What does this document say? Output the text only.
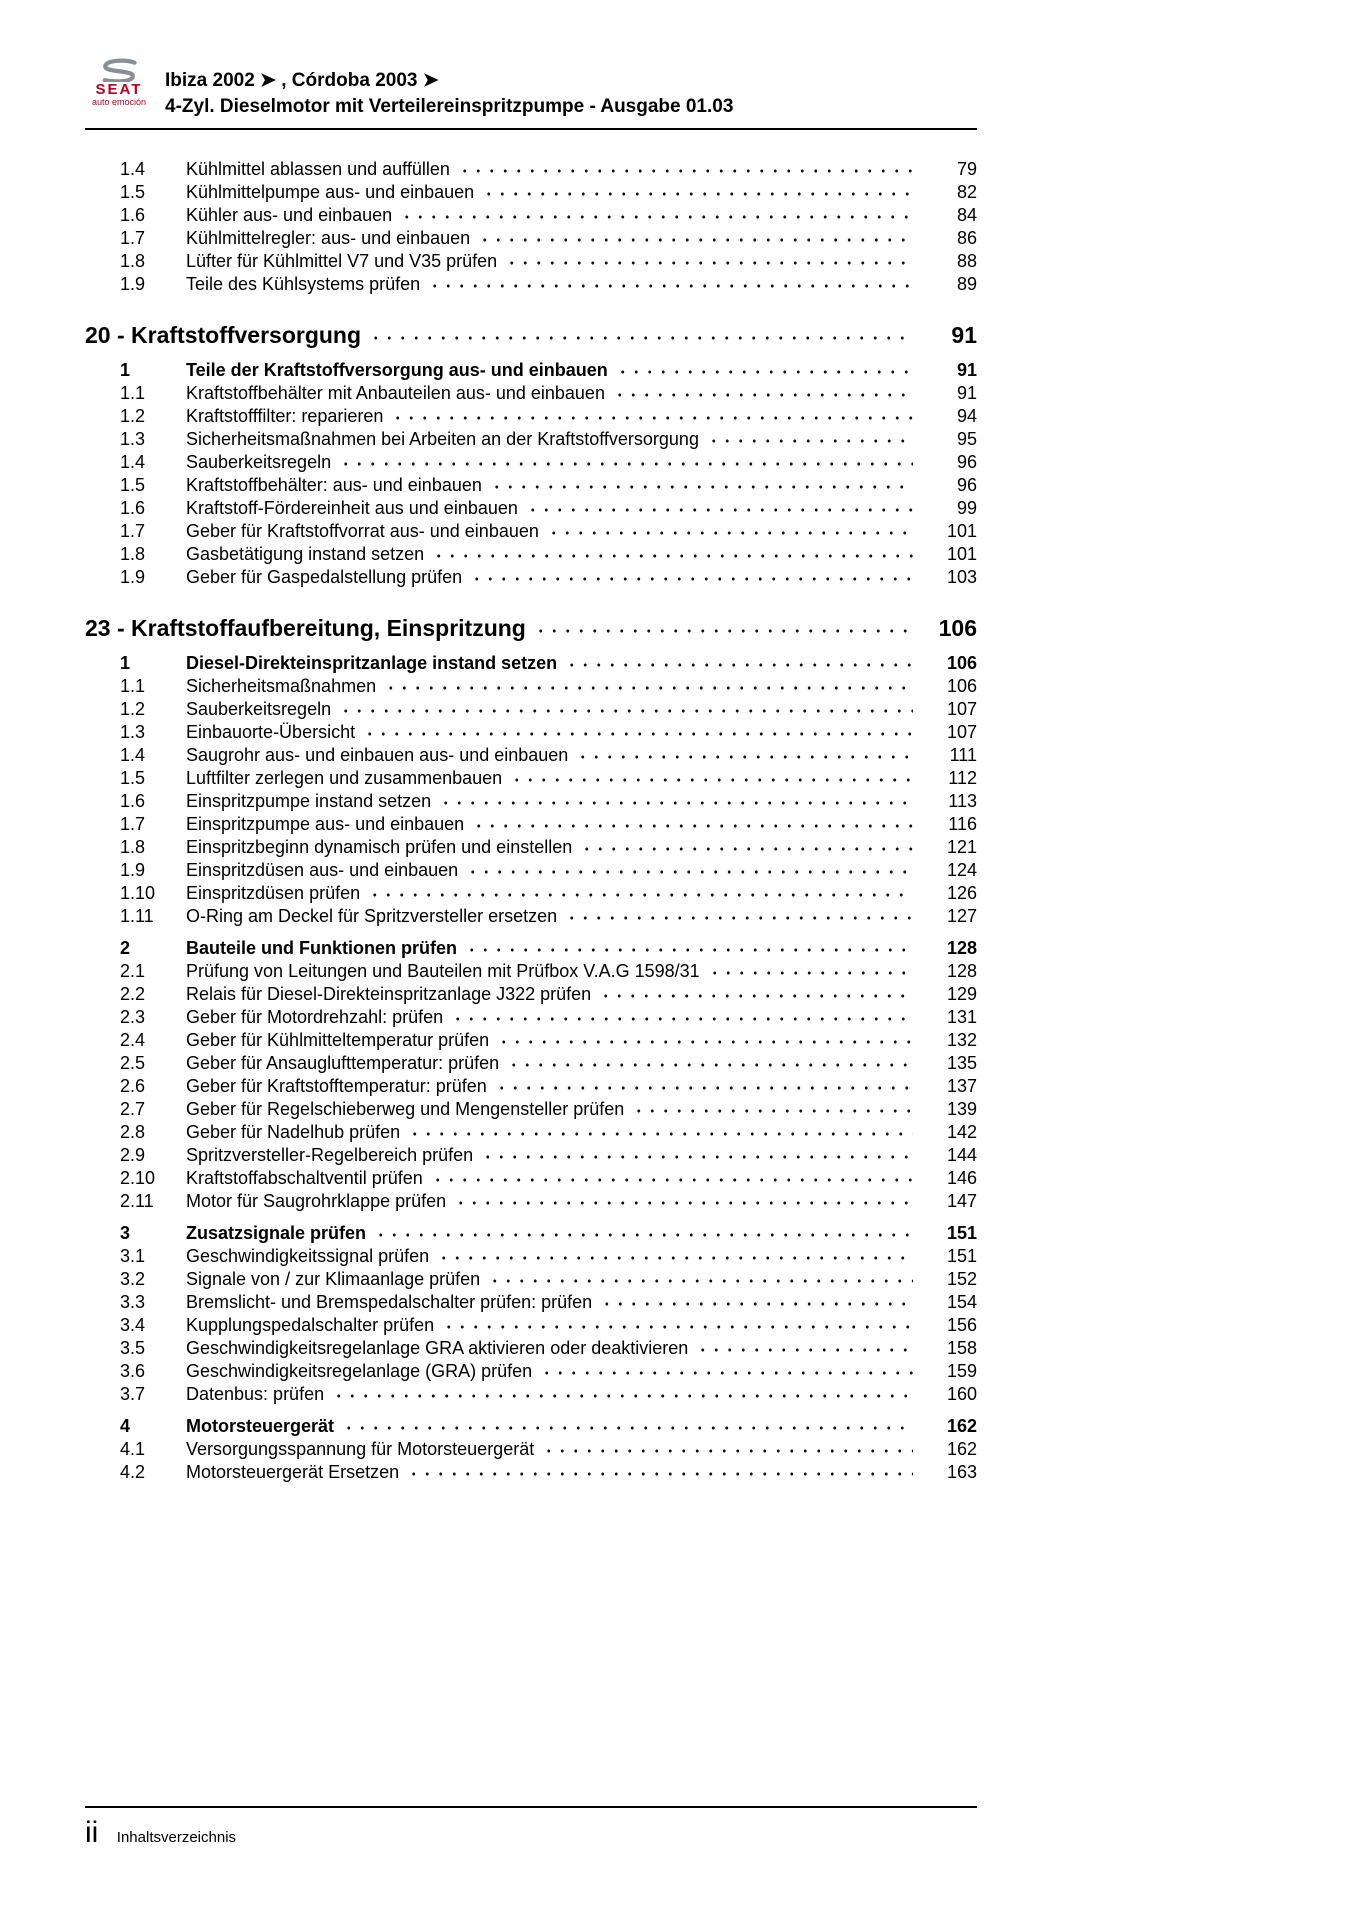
SEAT
auto emoción
Ibiza 2002 ➤ , Córdoba 2003 ➤
4-Zyl. Dieselmotor mit Verteilereinspritzpumpe - Ausgabe 01.03
1.4	Kühlmittel ablassen und auffüllen	79
1.5	Kühlmittelpumpe aus- und einbauen	82
1.6	Kühler aus- und einbauen	84
1.7	Kühlmittelregler: aus- und einbauen	86
1.8	Lüfter für Kühlmittel V7 und V35 prüfen	88
1.9	Teile des Kühlsystems prüfen	89
20 - Kraftstoffversorgung	91
1	Teile der Kraftstoffversorgung aus- und einbauen	91
1.1	Kraftstoffbehälter mit Anbauteilen aus- und einbauen	91
1.2	Kraftstofffilter: reparieren	94
1.3	Sicherheitsmaßnahmen bei Arbeiten an der Kraftstoffversorgung	95
1.4	Sauberkeitsregeln	96
1.5	Kraftstoffbehälter: aus- und einbauen	96
1.6	Kraftstoff-Fördereinheit aus und einbauen	99
1.7	Geber für Kraftstoffvorrat aus- und einbauen	101
1.8	Gasbetätigung instand setzen	101
1.9	Geber für Gaspedalstellung prüfen	103
23 - Kraftstoffaufbereitung, Einspritzung	106
1	Diesel-Direkteinspritzanlage instand setzen	106
1.1	Sicherheitsmaßnahmen	106
1.2	Sauberkeitsregeln	107
1.3	Einbauorte-Übersicht	107
1.4	Saugrohr aus- und einbauen aus- und einbauen	111
1.5	Luftfilter zerlegen und zusammenbauen	112
1.6	Einspritzpumpe instand setzen	113
1.7	Einspritzpumpe aus- und einbauen	116
1.8	Einspritzbeginn dynamisch prüfen und einstellen	121
1.9	Einspritzdüsen aus- und einbauen	124
1.10	Einspritzdüsen prüfen	126
1.11	O-Ring am Deckel für Spritzversteller ersetzen	127
2	Bauteile und Funktionen prüfen	128
2.1	Prüfung von Leitungen und Bauteilen mit Prüfbox V.A.G 1598/31	128
2.2	Relais für Diesel-Direkteinspritzanlage J322 prüfen	129
2.3	Geber für Motordrehzahl: prüfen	131
2.4	Geber für Kühlmitteltemperatur prüfen	132
2.5	Geber für Ansauglufttemperatur: prüfen	135
2.6	Geber für Kraftstofftemperatur: prüfen	137
2.7	Geber für Regelschieberweg und Mengensteller prüfen	139
2.8	Geber für Nadelhub prüfen	142
2.9	Spritzversteller-Regelbereich prüfen	144
2.10	Kraftstoffabschaltventil prüfen	146
2.11	Motor für Saugrohrklappe prüfen	147
3	Zusatzsignale prüfen	151
3.1	Geschwindigkeitssignal prüfen	151
3.2	Signale von / zur Klimaanlage prüfen	152
3.3	Bremslicht- und Bremspedalschalter prüfen: prüfen	154
3.4	Kupplungspedalschalter prüfen	156
3.5	Geschwindigkeitsregelanlage GRA aktivieren oder deaktivieren	158
3.6	Geschwindigkeitsregelanlage (GRA) prüfen	159
3.7	Datenbus: prüfen	160
4	Motorsteuergerät	162
4.1	Versorgungsspannung für Motorsteuergerät	162
4.2	Motorsteuergerät Ersetzen	163
ii Inhaltsverzeichnis
